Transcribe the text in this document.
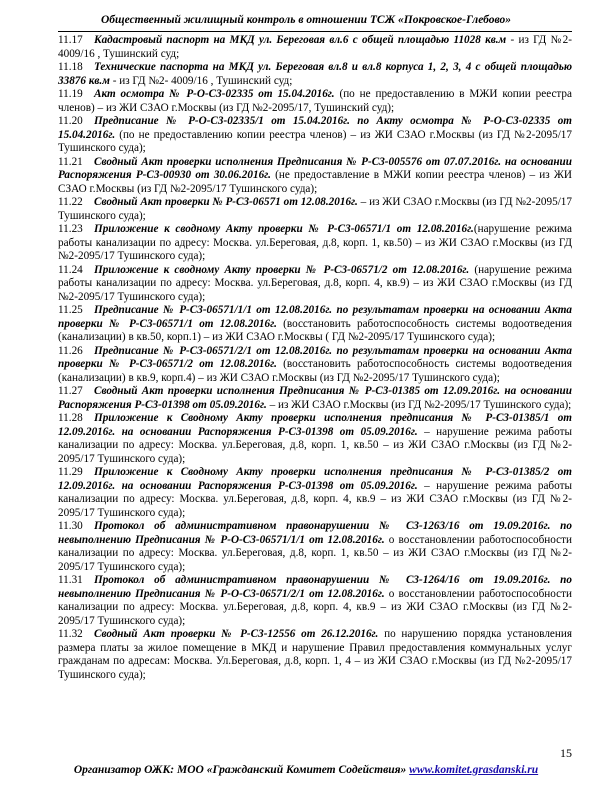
Общественный жилищный контроль в отношении ТСЖ «Покровское-Глебово»

11.17 Кадастровый паспорт на МКД ул. Береговая вл.6 с общей площадью 11028 кв.м - из ГД №2- 4009/16 , Тушинский суд;

11.18 Технические паспорта на МКД ул. Береговая вл.8 и вл.8 корпуса 1, 2, 3, 4 с общей площадью 33876 кв.м - из ГД №2- 4009/16 , Тушинский суд;

11.19 Акт осмотра № Р-О-С3-02335 от 15.04.2016г. (по не предоставлению в МЖИ копии реестра членов) – из ЖИ СЗАО г.Москвы (из ГД №2-2095/17, Тушинский суд);

11.20 Предписание № Р-О-С3-02335/1 от 15.04.2016г. по Акту осмотра № Р-О-С3-02335 от 15.04.2016г. (по не предоставлению копии реестра членов) – из ЖИ СЗАО г.Москвы (из ГД №2-2095/17 Тушинского суда);

11.21 Сводный Акт проверки исполнения Предписания № Р-С3-005576 от 07.07.2016г. на основании Распоряжения Р-С3-00930 от 30.06.2016г. (не предоставление в МЖИ копии реестра членов) – из ЖИ СЗАО г.Москвы (из ГД №2-2095/17 Тушинского суда);

11.22 Сводный Акт проверки № Р-С3-06571 от 12.08.2016г. – из ЖИ СЗАО г.Москвы (из ГД №2-2095/17 Тушинского суда);

11.23 Приложение к сводному Акту проверки № Р-С3-06571/1 от 12.08.2016г.(нарушение режима работы канализации по адресу: Москва. ул.Береговая, д.8, корп. 1, кв.50) – из ЖИ СЗАО г.Москвы (из ГД №2-2095/17 Тушинского суда);

11.24 Приложение к сводному Акту проверки № Р-С3-06571/2 от 12.08.2016г. (нарушение режима работы канализации по адресу: Москва. ул.Береговая, д.8, корп. 4, кв.9) – из ЖИ СЗАО г.Москвы (из ГД №2-2095/17 Тушинского суда);

11.25 Предписание № Р-С3-06571/1/1 от 12.08.2016г. по результатам проверки на основании Акта проверки № Р-С3-06571/1 от 12.08.2016г. (восстановить работоспособность системы водоотведения (канализации) в кв.50, корп.1) – из ЖИ СЗАО г.Москвы ( ГД №2-2095/17 Тушинского суда);

11.26 Предписание № Р-С3-06571/2/1 от 12.08.2016г. по результатам проверки на основании Акта проверки № Р-С3-06571/2 от 12.08.2016г. (восстановить работоспособность системы водоотведения (канализации) в кв.9, корп.4) – из ЖИ СЗАО г.Москвы (из ГД №2-2095/17 Тушинского суда);

11.27 Сводный Акт проверки исполнения Предписания № Р-С3-01385 от 12.09.2016г. на основании Распоряжения Р-С3-01398 от 05.09.2016г. – из ЖИ СЗАО г.Москвы (из ГД №2-2095/17 Тушинского суда);

11.28 Приложение к Сводному Акту проверки исполнения предписания № Р-С3-01385/1 от 12.09.2016г. на основании Распоряжения Р-С3-01398 от 05.09.2016г. – нарушение режима работы канализации по адресу: Москва. ул.Береговая, д.8, корп. 1, кв.50 – из ЖИ СЗАО г.Москвы (из ГД №2-2095/17 Тушинского суда);

11.29 Приложение к Сводному Акту проверки исполнения предписания № Р-С3-01385/2 от 12.09.2016г. на основании Распоряжения Р-С3-01398 от 05.09.2016г. – нарушение режима работы канализации по адресу: Москва. ул.Береговая, д.8, корп. 4, кв.9 – из ЖИ СЗАО г.Москвы (из ГД №2-2095/17 Тушинского суда);

11.30 Протокол об административном правонарушении № С3-1263/16 от 19.09.2016г. по невыполнению Предписания № Р-О-С3-06571/1/1 от 12.08.2016г. о восстановлении работоспособности канализации по адресу: Москва. ул.Береговая, д.8, корп. 1, кв.50 – из ЖИ СЗАО г.Москвы (из ГД №2-2095/17 Тушинского суда);

11.31 Протокол об административном правонарушении № С3-1264/16 от 19.09.2016г. по невыполнению Предписания № Р-О-С3-06571/2/1 от 12.08.2016г. о восстановлении работоспособности канализации по адресу: Москва. ул.Береговая, д.8, корп. 4, кв.9 – из ЖИ СЗАО г.Москвы (из ГД №2-2095/17 Тушинского суда);

11.32 Сводный Акт проверки № Р-С3-12556 от 26.12.2016г. по нарушению порядка установления размера платы за жилое помещение в МКД и нарушение Правил предоставления коммунальных услуг гражданам по адресам: Москва. Ул.Береговая, д.8, корп. 1, 4 – из ЖИ СЗАО г.Москвы (из ГД №2-2095/17 Тушинского суда);

15
Организатор ОЖК: МОО «Гражданский Комитет Содействия» www.komitet.grasdanski.ru
